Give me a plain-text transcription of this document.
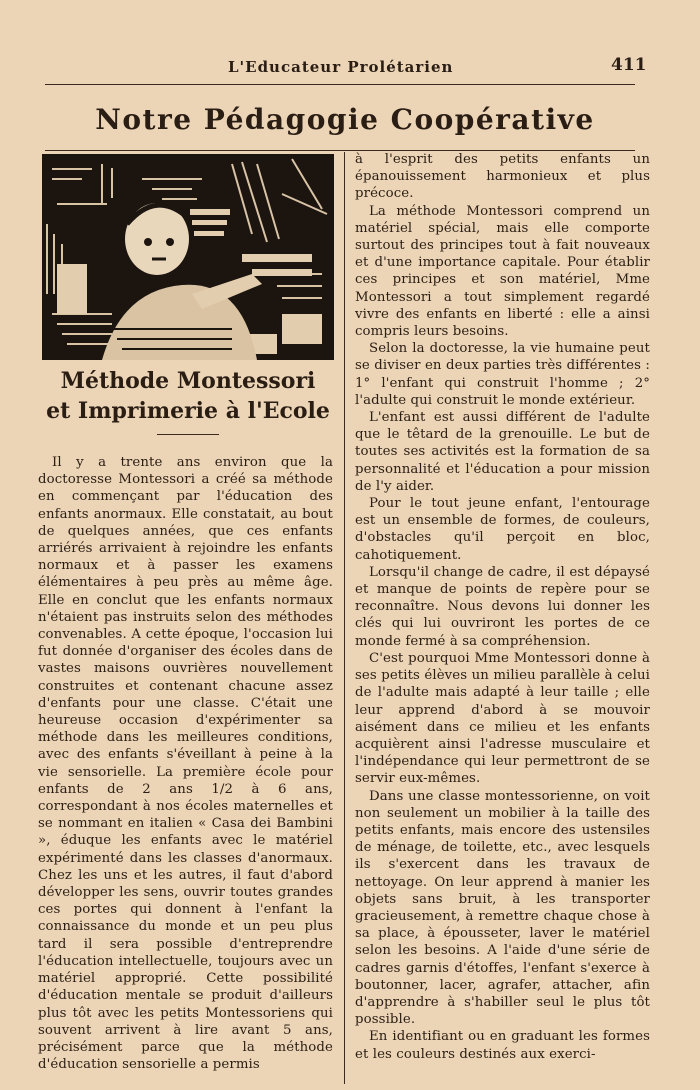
L'Educateur Prolétarien	411
Notre Pédagogie Coopérative
Méthode Montessori
et Imprimerie à l'Ecole

Il y a trente ans environ que la doctoresse Montessori a créé sa méthode en commençant par l'éducation des enfants anormaux. Elle constatait, au bout de quelques années, que ces enfants arriérés arrivaient à rejoindre les enfants normaux et à passer les examens élémentaires à peu près au même âge. Elle en conclut que les enfants normaux n'étaient pas instruits selon des méthodes convenables. A cette époque, l'occasion lui fut donnée d'organiser des écoles dans de vastes maisons ouvrières nouvellement construites et contenant chacune assez d'enfants pour une classe. C'était une heureuse occasion d'expérimenter sa méthode dans les meilleures conditions, avec des enfants s'éveillant à peine à la vie sensorielle. La première école pour enfants de 2 ans 1/2 à 6 ans, correspondant à nos écoles maternelles et se nommant en italien « Casa dei Bambini », éduque les enfants avec le matériel expérimenté dans les classes d'anormaux. Chez les uns et les autres, il faut d'abord développer les sens, ouvrir toutes grandes ces portes qui donnent à l'enfant la connaissance du monde et un peu plus tard il sera possible d'entreprendre l'éducation intellectuelle, toujours avec un matériel approprié. Cette possibilité d'éducation mentale se produit d'ailleurs plus tôt avec les petits Montessoriens qui souvent arrivent à lire avant 5 ans, précisément parce que la méthode d'éducation sensorielle a permis

à l'esprit des petits enfants un épanouissement harmonieux et plus précoce.

La méthode Montessori comprend un matériel spécial, mais elle comporte surtout des principes tout à fait nouveaux et d'une importance capitale. Pour établir ces principes et son matériel, Mme Montessori a tout simplement regardé vivre des enfants en liberté : elle a ainsi compris leurs besoins.

Selon la doctoresse, la vie humaine peut se diviser en deux parties très différentes : 1° l'enfant qui construit l'homme ; 2° l'adulte qui construit le monde extérieur.

L'enfant est aussi différent de l'adulte que le têtard de la grenouille. Le but de toutes ses activités est la formation de sa personnalité et l'éducation a pour mission de l'y aider.

Pour le tout jeune enfant, l'entourage est un ensemble de formes, de couleurs, d'obstacles qu'il perçoit en bloc, cahotiquement.

Lorsqu'il change de cadre, il est dépaysé et manque de points de repère pour se reconnaître. Nous devons lui donner les clés qui lui ouvriront les portes de ce monde fermé à sa compréhension.

C'est pourquoi Mme Montessori donne à ses petits élèves un milieu parallèle à celui de l'adulte mais adapté à leur taille ; elle leur apprend d'abord à se mouvoir aisément dans ce milieu et les enfants acquièrent ainsi l'adresse musculaire et l'indépendance qui leur permettront de se servir eux-mêmes.

Dans une classe montessorienne, on voit non seulement un mobilier à la taille des petits enfants, mais encore des ustensiles de ménage, de toilette, etc., avec lesquels ils s'exercent dans les travaux de nettoyage. On leur apprend à manier les objets sans bruit, à les transporter gracieusement, à remettre chaque chose à sa place, à épousseter, laver le matériel selon les besoins. A l'aide d'une série de cadres garnis d'étoffes, l'enfant s'exerce à boutonner, lacer, agrafer, attacher, afin d'apprendre à s'habiller seul le plus tôt possible.

En identifiant ou en graduant les formes et les couleurs destinés aux exerci-
